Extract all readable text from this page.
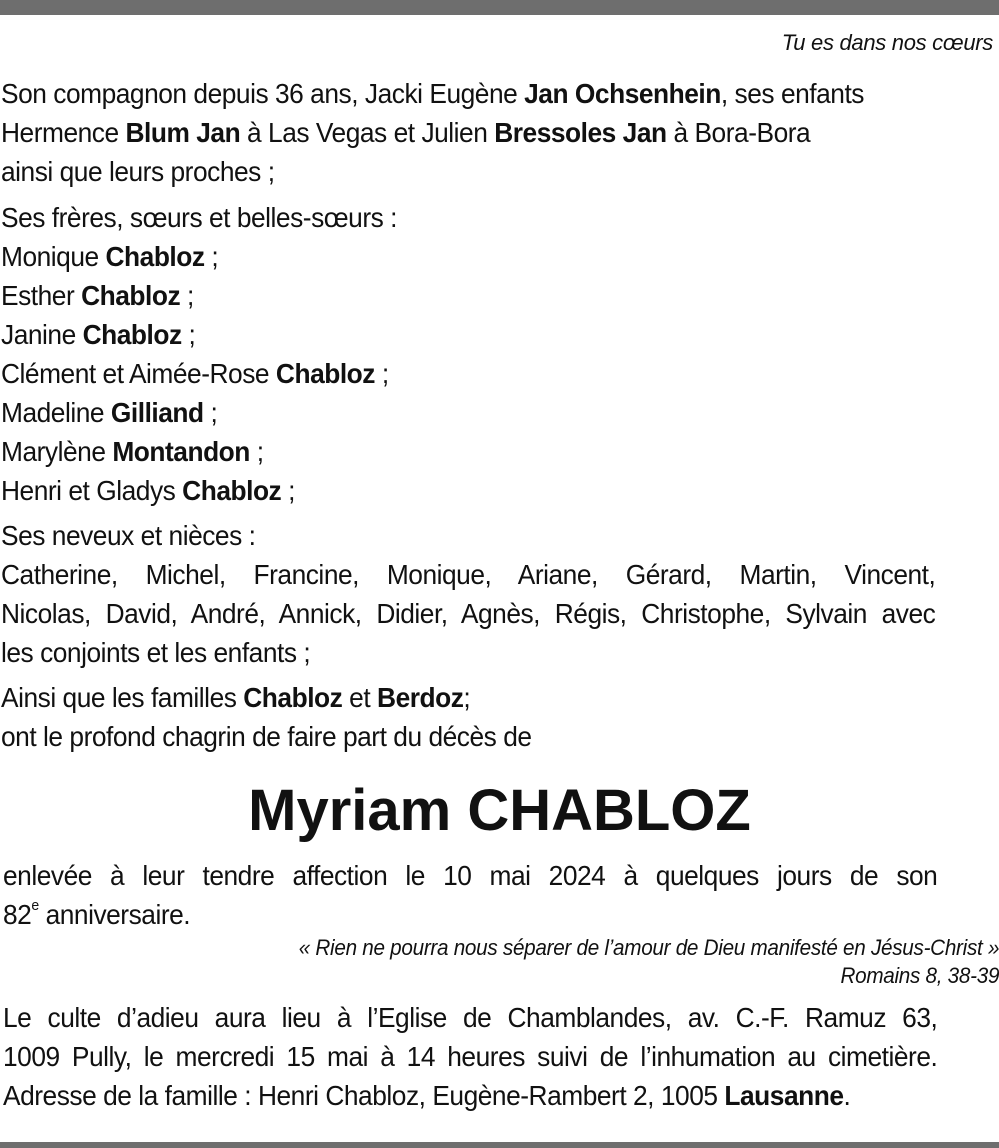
Tu es dans nos cœurs

Son compagnon depuis 36 ans, Jacki Eugène Jan Ochsenhein, ses enfants

Hermence Blum Jan à Las Vegas et Julien Bressoles Jan à Bora-Bora

ainsi que leurs proches ;

Ses frères, sœurs et belles-sœurs :

Monique Chabloz ;

Esther Chabloz ;

Janine Chabloz ;

Clément et Aimée-Rose Chabloz ;

Madeline Gilliand ;

Marylène Montandon ;

Henri et Gladys Chabloz ;

Ses neveux et nièces :

Catherine, Michel, Francine, Monique, Ariane, Gérard, Martin, Vincent,

Nicolas, David, André, Annick, Didier, Agnès, Régis, Christophe, Sylvain avec

les conjoints et les enfants ;

Ainsi que les familles Chabloz et Berdoz;

ont le profond chagrin de faire part du décès de

Myriam CHABLOZ

enlevée à leur tendre affection le 10 mai 2024 à quelques jours de son

82e anniversaire.

« Rien ne pourra nous séparer de l’amour de Dieu manifesté en Jésus-Christ »
Romains 8, 38-39

Le culte d’adieu aura lieu à l’Eglise de Chamblandes, av. C.-F. Ramuz 63,

1009 Pully, le mercredi 15 mai à 14 heures suivi de l’inhumation au cimetière.

Adresse de la famille : Henri Chabloz, Eugène-Rambert 2, 1005 Lausanne.
